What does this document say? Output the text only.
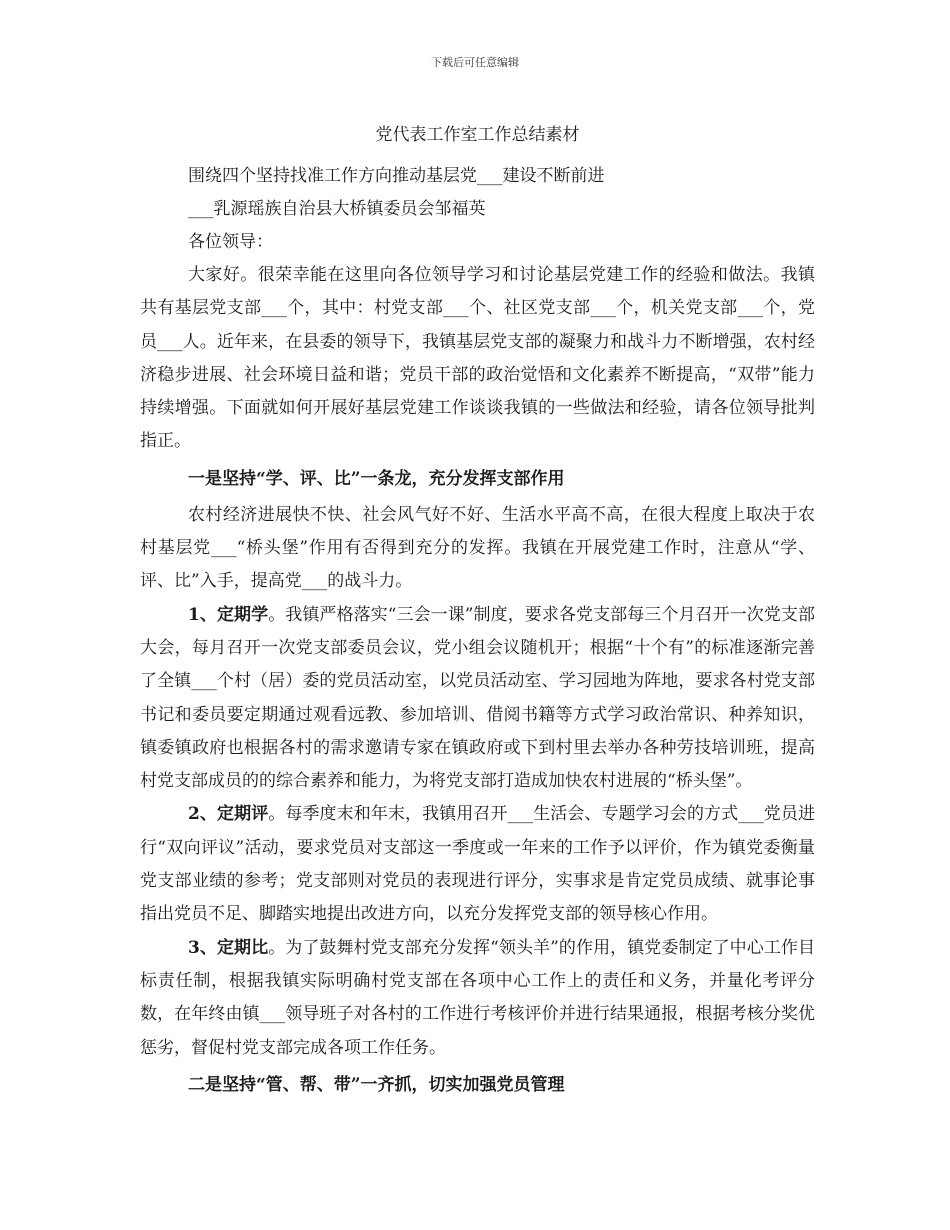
下载后可任意编辑
党代表工作室工作总结素材

围绕四个坚持找准工作方向推动基层党___建设不断前进

___乳源瑶族自治县大桥镇委员会邹福英

各位领导：

大家好。很荣幸能在这里向各位领导学习和讨论基层党建工作的经验和做法。我镇共有基层党支部___个，其中：村党支部___个、社区党支部___个，机关党支部___个，党员___人。近年来，在县委的领导下，我镇基层党支部的凝聚力和战斗力不断增强，农村经济稳步进展、社会环境日益和谐；党员干部的政治觉悟和文化素养不断提高，“双带”能力持续增强。下面就如何开展好基层党建工作谈谈我镇的一些做法和经验，请各位领导批判指正。

一是坚持“学、评、比”一条龙，充分发挥支部作用

农村经济进展快不快、社会风气好不好、生活水平高不高，在很大程度上取决于农村基层党___“桥头堡”作用有否得到充分的发挥。我镇在开展党建工作时，注意从“学、评、比”入手，提高党___的战斗力。

1、定期学。我镇严格落实“三会一课”制度，要求各党支部每三个月召开一次党支部大会，每月召开一次党支部委员会议，党小组会议随机开；根据“十个有”的标准逐渐完善了全镇___个村（居）委的党员活动室，以党员活动室、学习园地为阵地，要求各村党支部书记和委员要定期通过观看远教、参加培训、借阅书籍等方式学习政治常识、种养知识，镇委镇政府也根据各村的需求邀请专家在镇政府或下到村里去举办各种劳技培训班，提高村党支部成员的的综合素养和能力，为将党支部打造成加快农村进展的“桥头堡”。

2、定期评。每季度末和年末，我镇用召开___生活会、专题学习会的方式___党员进行“双向评议”活动，要求党员对支部这一季度或一年来的工作予以评价，作为镇党委衡量党支部业绩的参考；党支部则对党员的表现进行评分，实事求是肯定党员成绩、就事论事指出党员不足、脚踏实地提出改进方向，以充分发挥党支部的领导核心作用。

3、定期比。为了鼓舞村党支部充分发挥“领头羊”的作用，镇党委制定了中心工作目标责任制，根据我镇实际明确村党支部在各项中心工作上的责任和义务，并量化考评分数，在年终由镇___领导班子对各村的工作进行考核评价并进行结果通报，根据考核分奖优惩劣，督促村党支部完成各项工作任务。

二是坚持“管、帮、带”一齐抓，切实加强党员管理
